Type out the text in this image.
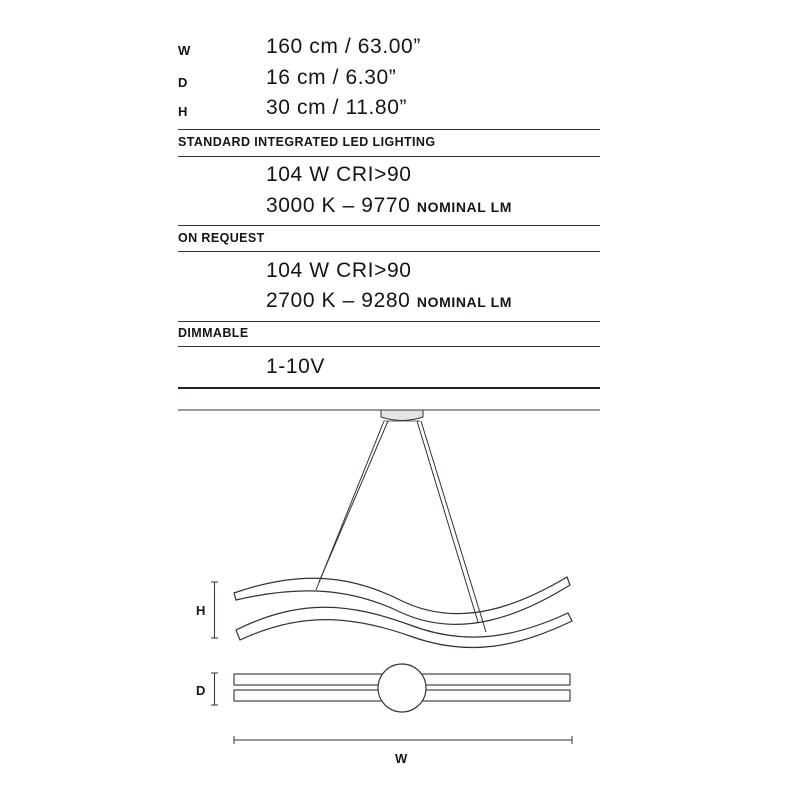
W	160 cm / 63.00”
D	16 cm / 6.30”
H	30 cm / 11.80”
STANDARD INTEGRATED LED LIGHTING
104 W CRI>90
3000 K – 9770 NOMINAL LM
ON REQUEST
104 W CRI>90
2700 K – 9280 NOMINAL LM
DIMMABLE
1-10V
H
D
W
